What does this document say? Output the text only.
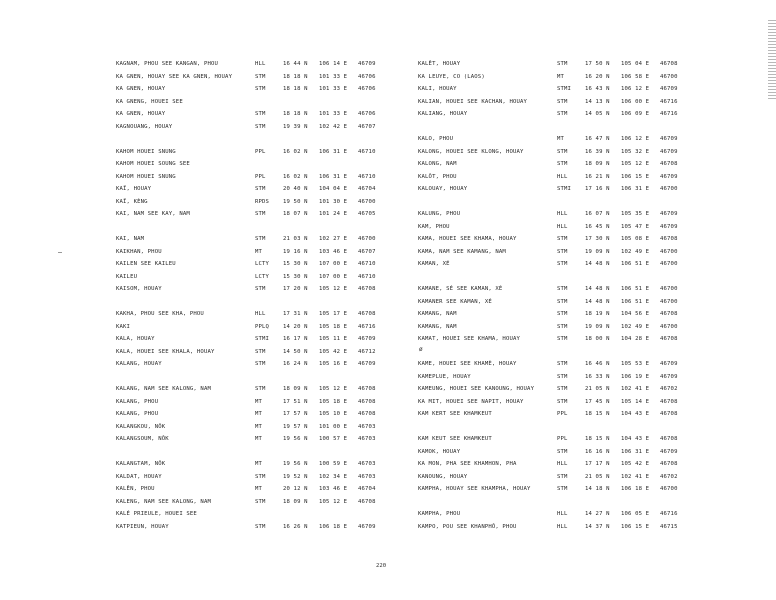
KAGNAM, PHOU SEE KANGAN, PHOU	HLL	16 44 N 106 14 E 46709
KA GNEN, HOUAY SEE KA GNEN, HOUAY	STM	18 18 N 101 33 E 46706
KA GNEN, HOUAY	STM	18 18 N 101 33 E 46706
KA GNENG, HOUEI SEE
KA GNEN, HOUAY	STM	18 18 N 101 33 E 46706
KAGNOUANG, HOUAY	STM	19 39 N 102 42 E 46707
KAHOM HOUEI SNUNG	PPL	16 02 N 106 31 E 46710
KAHOM HOUEI SOUNG SEE
KAHOM HOUEI SNUNG	PPL	16 02 N 106 31 E 46710
KAÏ, HOUAY	STM	20 40 N 104 04 E 46704
KAÏ, KÈNG	RPDS 19 50 N 101 30 E 46700
KAI, NAM SEE KAY, NAM	STM	18 07 N 101 24 E 46705
KAI, NAM	STM	21 03 N 102 27 E 46700
KAIKHAN, PHOU	MT	19 16 N 103 46 E 46707
KAILEN SEE KAILEU	LCTY 15 30 N 107 00 E 46710
KAILEU	LCTY 15 30 N 107 00 E 46710
KAISOM, HOUAY	STM	17 20 N 105 12 E 46708
KAKHA, PHOU SEE KHA, PHOU	HLL	17 31 N 105 17 E 46708
KAKI	PPLQ 14 20 N 105 18 E 46716
KALA, HOUAY	STMI 16 17 N 105 11 E 46709
KALA, HOUEI SEE KHALA, HOUAY	STM	14 50 N 105 42 E 46712
KALANG, HOUAY	STM	16 24 N 105 16 E 46709
KALANG, NAM SEE KALONG, NAM	STM	18 09 N 105 12 E 46708
KALANG, PHOU	MT	17 51 N 105 18 E 46708
KALANG, PHOU	MT	17 57 N 105 10 E 46708
KALANGKOU, NÔK	MT	19 57 N 101 00 E 46703
KALANGSOUM, NÔK	MT	19 56 N 100 57 E 46703
KALANGTAM, NÔK	MT	19 56 N 100 59 E 46703
KALDAT, HOUAY	STM	19 52 N 102 34 E 46703
KALÊN, PHOU	MT	20 12 N 103 46 E 46704
KALENG, NAM SEE KALONG, NAM	STM	18 09 N 105 12 E 46708
KALÉ PRIEULE, HOUEI SEE
KATPIEUN, HOUAY	STM	16 26 N 106 18 E 46709
KALÊT, HOUAY	STM	17 50 N 105 04 E 46708
KA LEUYE, CO (LAOS)	MT	16 20 N 106 58 E 46700
KALI, HOUAY	STMI 16 43 N 106 12 E 46709
KALIAN, HOUEI SEE KACHAN, HOUAY	STM	14 13 N 106 00 E 46716
KALIANG, HOUAY	STM	14 05 N 106 09 E 46716
KALO, PHOU	MT	16 47 N 106 12 E 46709
KALONG, HOUEI SEE KLONG, HOUAY	STM	16 39 N 105 32 E 46709
KALONG, NAM	STM	18 09 N 105 12 E 46708
KALÔT, PHOU	HLL	16 21 N 106 15 E 46709
KALOUAY, HOUAY	STMI 17 16 N 106 31 E 46700
KALUNG, PHOU	HLL	16 07 N 105 35 E 46709
KAM, PHOU	HLL	16 45 N 105 47 E 46709
KAMA, HOUEI SEE KHAMA, HOUAY	STM	17 30 N 105 08 E 46708
KAMA, NAM SEE KAMANG, NAM	STM	19 09 N 102 49 E 46700
KAMAN, XÉ	STM	14 48 N 106 51 E 46700
KAMANE, SÉ SEE KAMAN, XÉ	STM	14 48 N 106 51 E 46700
KAMANER SEE KAMAN, XÉ	STM	14 48 N 106 51 E 46700
KAMANG, NAM	STM	18 19 N 104 56 E 46708
KAMANG, NAM	STM	19 09 N 102 49 E 46700
KAMAT, HOUEI SEE KHAMA, HOUAY	STM	18 00 N 104 28 E 46708
ø
KAME, HOUEI SEE KHAMÈ, HOUAY	STM	16 46 N 105 53 E 46709
KAMEPLUE, HOUAY	STM	16 33 N 106 19 E 46709
KAMEUNG, HOUEI SEE KANOUNG, HOUAY	STM	21 05 N 102 41 E 46702
KA MIT, HOUEI SEE NAPIT, HOUAY	STM	17 45 N 105 14 E 46708
KAM KERT SEE KHAMKEUT	PPL	18 15 N 104 43 E 46708
KAM KEUT SEE KHAMKEUT	PPL	18 15 N 104 43 E 46708
KAMOK, HOUAY	STM	16 16 N 106 31 E 46709
KA MON, PHA SEE KHAMHON, PHA	HLL	17 17 N 105 42 E 46708
KANOUNG, HOUAY	STM	21 05 N 102 41 E 46702
KAMPHA, HOUAY SEE KHAMPHA, HOUAY	STM	14 18 N 106 18 E 46700
KAMPHA, PHOU	HLL	14 27 N 106 05 E 46716
KAMPO, POU SEE KHANPHÔ, PHOU	HLL	14 37 N 106 15 E 46715
220
